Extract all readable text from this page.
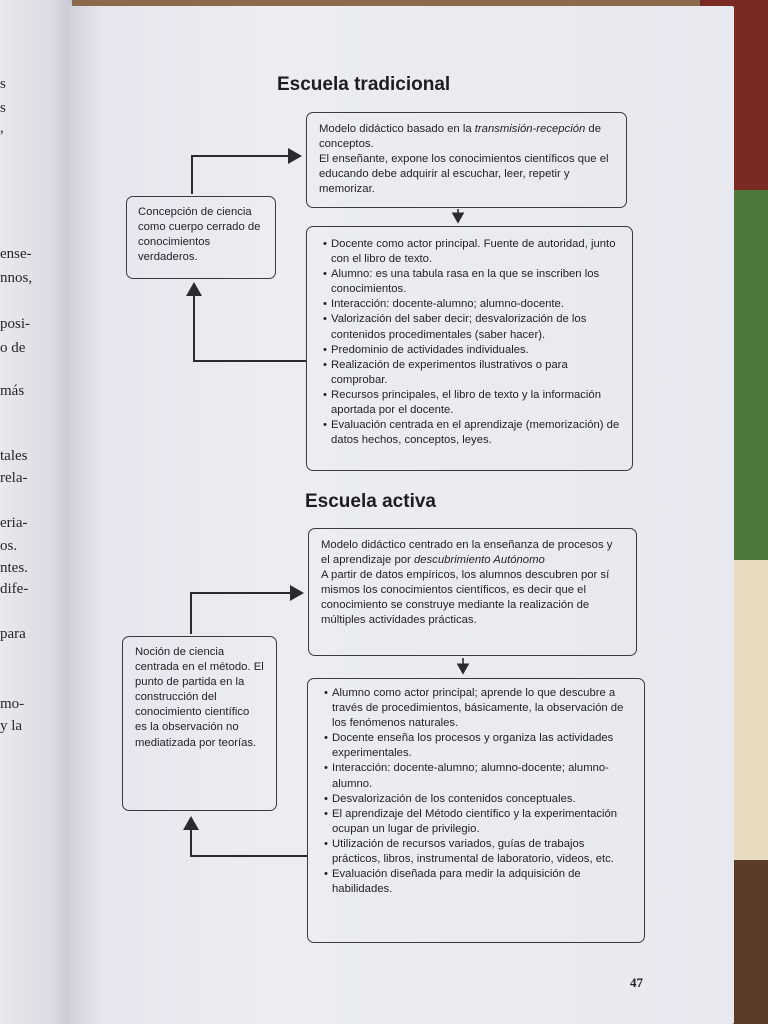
s
s
,
ense-
nnos,
posi-
o de
más
tales
rela-
eria-
os.
ntes.
dife-
para
mo-
y la
Escuela tradicional

Modelo didáctico basado en la transmisión-recepción de conceptos.

El enseñante, expone los conocimientos científicos que el educando debe adquirir al escuchar, leer, repetir y memorizar.

Concepción de ciencia como cuerpo cerrado de conocimientos verdaderos.

• Docente como actor principal. Fuente de autoridad, junto con el libro de texto.
• Alumno: es una tabula rasa en la que se inscriben los conocimientos.
• Interacción: docente-alumno; alumno-docente.
• Valorización del saber decir; desvalorización de los contenidos procedimentales (saber hacer).
• Predominio de actividades individuales.
• Realización de experimentos ilustrativos o para comprobar.
• Recursos principales, el libro de texto y la información aportada por el docente.
• Evaluación centrada en el aprendizaje (memorización) de datos hechos, conceptos, leyes.
Escuela activa

Modelo didáctico centrado en la enseñanza de procesos y el aprendizaje por descubrimiento Autónomo

A partir de datos empíricos, los alumnos descubren por sí mismos los conocimientos científicos, es decir que el conocimiento se construye mediante la realización de múltiples actividades prácticas.

Noción de ciencia centrada en el método. El punto de partida en la construcción del conocimiento científico es la observación no mediatizada por teorías.

• Alumno como actor principal; aprende lo que descubre a través de procedimientos, básicamente, la observación de los fenómenos naturales.
• Docente enseña los procesos y organiza las actividades experimentales.
• Interacción: docente-alumno; alumno-docente; alumno-alumno.
• Desvalorización de los contenidos conceptuales.
• El aprendizaje del Método científico y la experimentación ocupan un lugar de privilegio.
• Utilización de recursos variados, guías de trabajos prácticos, libros, instrumental de laboratorio, videos, etc.
• Evaluación diseñada para medir la adquisición de habilidades.
47
